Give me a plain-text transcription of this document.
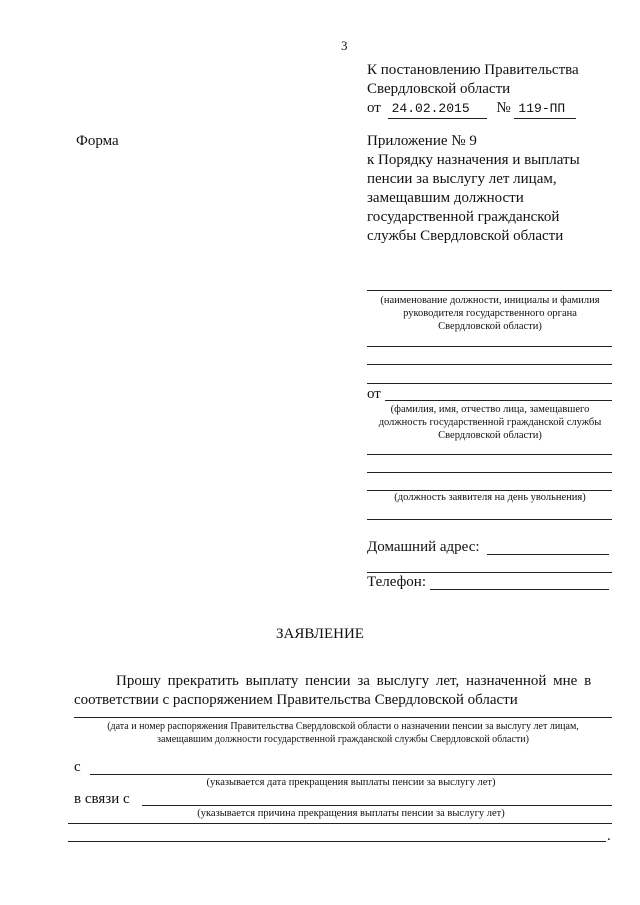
3
К постановлению Правительства
Свердловской области
от 24.02.2015 № 119-ПП
Форма	Приложение № 9
к Порядку назначения и выплаты
пенсии за выслугу лет лицам,
замещавшим должности
государственной гражданской
службы Свердловской области
(наименование должности, инициалы и фамилия
руководителя государственного органа
Свердловской области)
от
(фамилия, имя, отчество лица, замещавшего
должность государственной гражданской службы
Свердловской области)
(должность заявителя на день увольнения)
Домашний адрес:
Телефон:
ЗАЯВЛЕНИЕ
Прошу прекратить выплату пенсии за выслугу лет, назначенной мне в
соответствии с распоряжением Правительства Свердловской области
(дата и номер распоряжения Правительства Свердловской области о назначении пенсии за выслугу лет лицам,
замещавшим должности государственной гражданской службы Свердловской области)
с
(указывается дата прекращения выплаты пенсии за выслугу лет)
в связи с
(указывается причина прекращения выплаты пенсии за выслугу лет)
.
